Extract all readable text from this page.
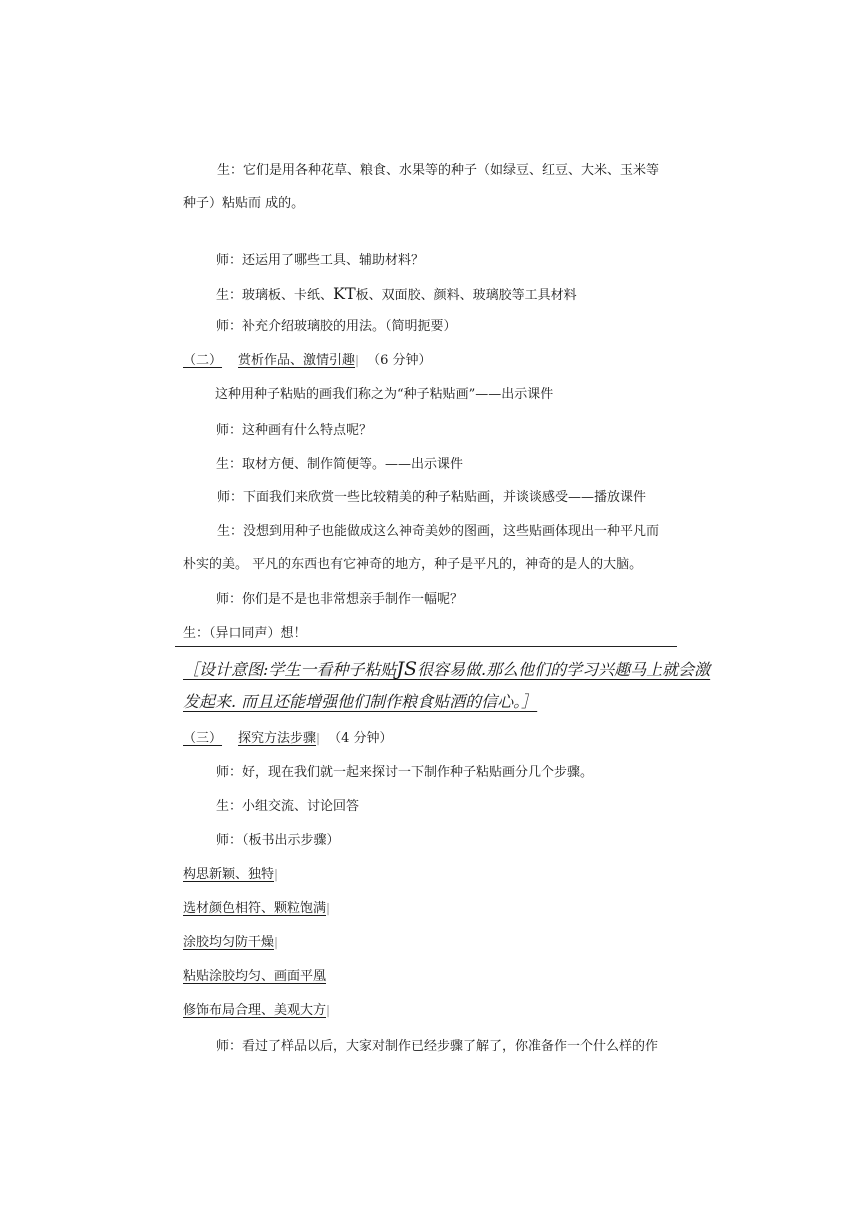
生：它们是用各种花草、粮食、水果等的种子（如绿豆、红豆、大米、玉米等
种子）粘贴而 成的。
师：还运用了哪些工具、辅助材料？
生：玻璃板、卡纸、KT板、双面胶、颜料、玻璃胶等工具材料
师：补充介绍玻璃胶的用法。（简明扼要）
（二） 赏析作品、激情引趣| （6 分钟）
这种用种子粘贴的画我们称之为“种子粘贴画”——出示课件
师：这种画有什么特点呢？
生：取材方便、制作简便等。——出示课件
师：下面我们来欣赏一些比较精美的种子粘贴画，并谈谈感受——播放课件
生：没想到用种子也能做成这么神奇美妙的图画，这些贴画体现出一种平凡而
朴实的美。 平凡的东西也有它神奇的地方，种子是平凡的，神奇的是人的大脑。
师：你们是不是也非常想亲手制作一幅呢？
生：（异口同声）想！
［设计意图:学生一看种子粘贴JS很容易做.那么他们的学习兴趣马上就会激
发起来. 而且还能增强他们制作粮食贴酒的信心。］
（三） 探究方法步骤| （4 分钟）
师：好，现在我们就一起来探讨一下制作种子粘贴画分几个步骤。
生：小组交流、讨论回答
师：（板书出示步骤）
构思新颖、独特|
选材颜色相符、颗粒饱满|
涂胶均匀防干燥|
粘贴涂胶均匀、画面平凰
修饰布局合理、美观大方|
师：看过了样品以后，大家对制作已经步骤了解了，你准备作一个什么样的作
